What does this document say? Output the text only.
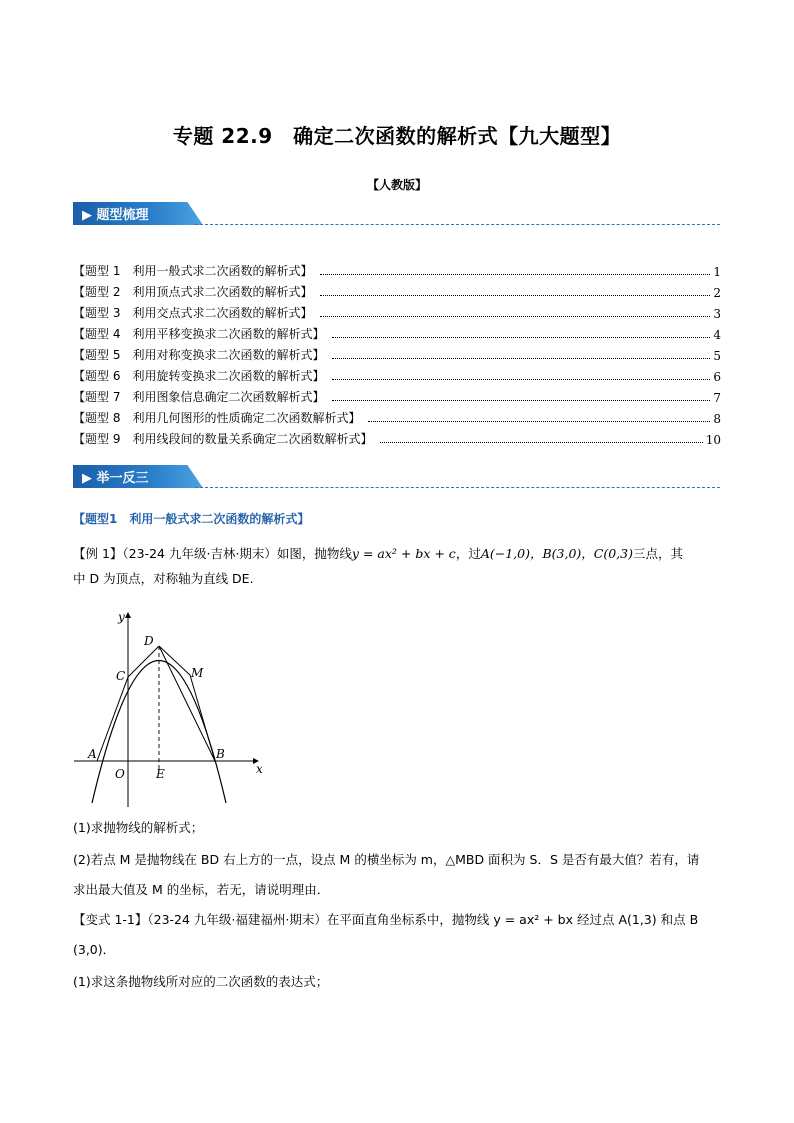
专题 22.9　确定二次函数的解析式【九大题型】
【人教版】
▶ 题型梳理
【题型 1　利用一般式求二次函数的解析式】	1
【题型 2　利用顶点式求二次函数的解析式】	2
【题型 3　利用交点式求二次函数的解析式】	3
【题型 4　利用平移变换求二次函数的解析式】	4
【题型 5　利用对称变换求二次函数的解析式】	5
【题型 6　利用旋转变换求二次函数的解析式】	6
【题型 7　利用图象信息确定二次函数解析式】	7
【题型 8　利用几何图形的性质确定二次函数解析式】	8
【题型 9　利用线段间的数量关系确定二次函数解析式】	10
▶ 举一反三
【题型1　利用一般式求二次函数的解析式】
【例 1】（23-24 九年级·吉林·期末）如图，抛物线y = ax² + bx + c，过A(−1,0)，B(3,0)，C(0,3)三点，其
中 D 为顶点，对称轴为直线 DE.
y
x
O
A	B
C
D
E
M
(1)求抛物线的解析式；
(2)若点 M 是抛物线在 BD 右上方的一点，设点 M 的横坐标为 m，△MBD 面积为 S．S 是否有最大值？若有，请
求出最大值及 M 的坐标，若无，请说明理由．
【变式 1-1】（23-24 九年级·福建福州·期末）在平面直角坐标系中，抛物线 y = ax² + bx 经过点 A(1,3) 和点 B
(3,0)．
(1)求这条抛物线所对应的二次函数的表达式；
